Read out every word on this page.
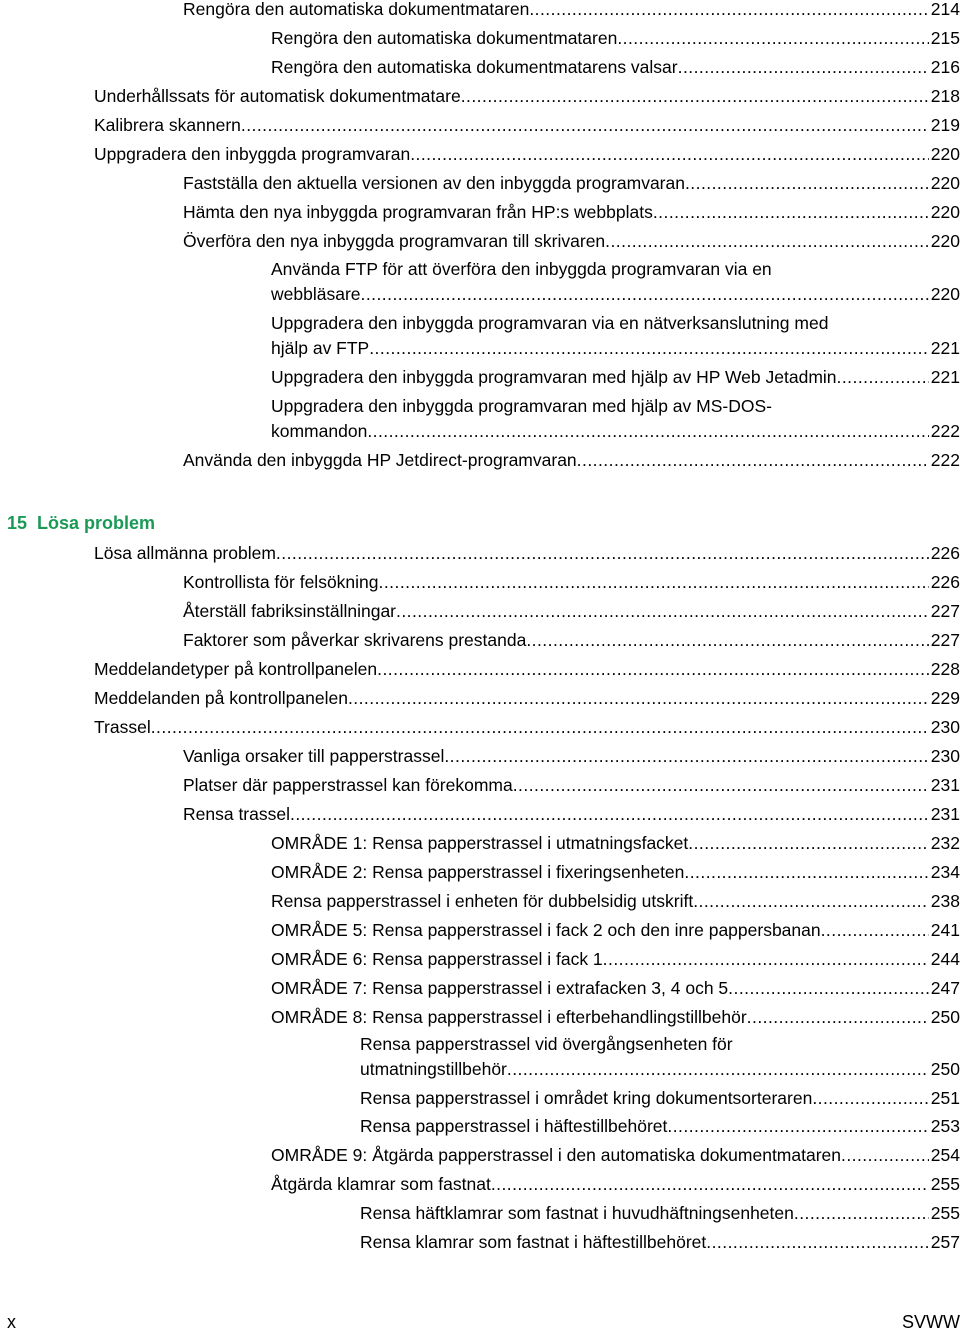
Rengöra den automatiska dokumentmataren . . .	214
Rengöra den automatiska dokumentmataren . . .	215
Rengöra den automatiska dokumentmatarens valsar . . .	216
Underhållssats för automatisk dokumentmatare . . .	218
Kalibrera skannern . . .	219
Uppgradera den inbyggda programvaran . . .	220
Fastställa den aktuella versionen av den inbyggda programvaran . . .	220
Hämta den nya inbyggda programvaran från HP:s webbplats . . .	220
Överföra den nya inbyggda programvaran till skrivaren . . .	220
Använda FTP för att överföra den inbyggda programvaran via en
webbläsare . . .	220
Uppgradera den inbyggda programvaran via en nätverksanslutning med
hjälp av FTP . . .	221
Uppgradera den inbyggda programvaran med hjälp av HP Web Jetadmin . . .	221
Uppgradera den inbyggda programvaran med hjälp av MS-DOS-
kommandon . . .	222
Använda den inbyggda HP Jetdirect-programvaran . . .	222
15 Lösa problem
Lösa allmänna problem . . .	226
Kontrollista för felsökning . . .	226
Återställ fabriksinställningar . . .	227
Faktorer som påverkar skrivarens prestanda . . .	227
Meddelandetyper på kontrollpanelen . . .	228
Meddelanden på kontrollpanelen . . .	229
Trassel . . .	230
Vanliga orsaker till papperstrassel . . .	230
Platser där papperstrassel kan förekomma . . .	231
Rensa trassel . . .	231
OMRÅDE 1: Rensa papperstrassel i utmatningsfacket . . .	232
OMRÅDE 2: Rensa papperstrassel i fixeringsenheten . . .	234
Rensa papperstrassel i enheten för dubbelsidig utskrift . . .	238
OMRÅDE 5: Rensa papperstrassel i fack 2 och den inre pappersbanan . . .	241
OMRÅDE 6: Rensa papperstrassel i fack 1 . . .	244
OMRÅDE 7: Rensa papperstrassel i extrafacken 3, 4 och 5 . . .	247
OMRÅDE 8: Rensa papperstrassel i efterbehandlingstillbehör . . .	250
Rensa papperstrassel vid övergångsenheten för
utmatningstillbehör . . .	250
Rensa papperstrassel i området kring dokumentsorteraren . . .	251
Rensa papperstrassel i häftestillbehöret . . .	253
OMRÅDE 9: Åtgärda papperstrassel i den automatiska dokumentmataren . . .	254
Åtgärda klamrar som fastnat . . .	255
Rensa häftklamrar som fastnat i huvudhäftningsenheten . . .	255
Rensa klamrar som fastnat i häftestillbehöret . . .	257
x	SVWW
